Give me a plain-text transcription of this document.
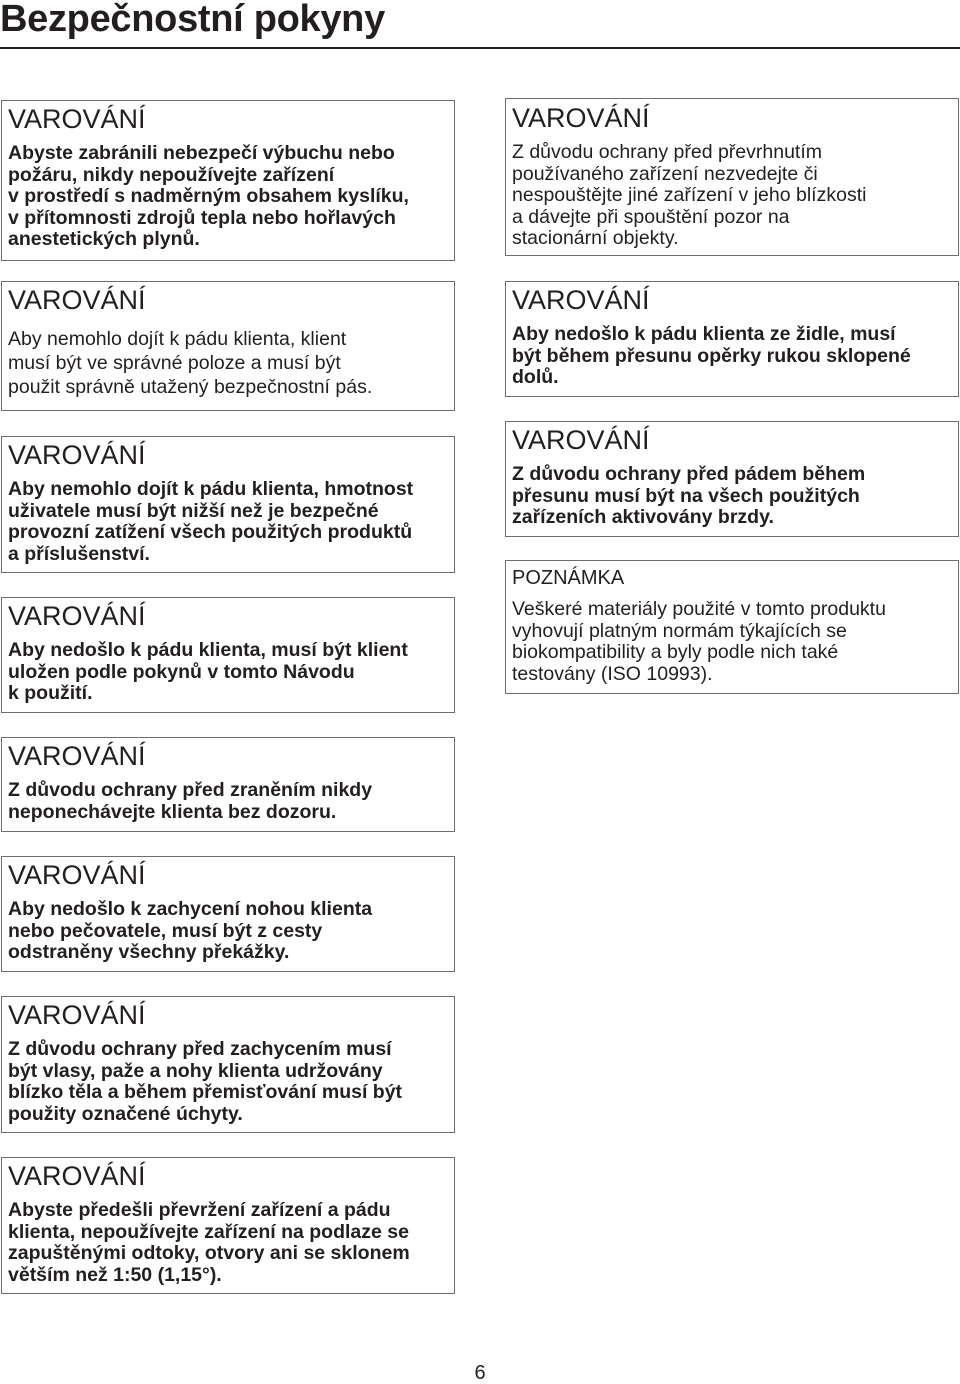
Bezpečnostní pokyny
VAROVÁNÍ

Abyste zabránili nebezpečí výbuchu nebo
požáru, nikdy nepoužívejte zařízení
v prostředí s nadměrným obsahem kyslíku,
v přítomnosti zdrojů tepla nebo hořlavých
anestetických plynů.

VAROVÁNÍ

Aby nemohlo dojít k pádu klienta, klient
musí být ve správné poloze a musí být
použit správně utažený bezpečnostní pás.

VAROVÁNÍ

Aby nemohlo dojít k pádu klienta, hmotnost
uživatele musí být nižší než je bezpečné
provozní zatížení všech použitých produktů
a příslušenství.

VAROVÁNÍ

Aby nedošlo k pádu klienta, musí být klient
uložen podle pokynů v tomto Návodu
k použití.

VAROVÁNÍ

Z důvodu ochrany před zraněním nikdy
neponechávejte klienta bez dozoru.

VAROVÁNÍ

Aby nedošlo k zachycení nohou klienta
nebo pečovatele, musí být z cesty
odstraněny všechny překážky.

VAROVÁNÍ

Z důvodu ochrany před zachycením musí
být vlasy, paže a nohy klienta udržovány
blízko těla a během přemisťování musí být
použity označené úchyty.

VAROVÁNÍ

Abyste předešli převržení zařízení a pádu
klienta, nepoužívejte zařízení na podlaze se
zapuštěnými odtoky, otvory ani se sklonem
větším než 1:50 (1,15°).

VAROVÁNÍ

Z důvodu ochrany před převrhnutím
používaného zařízení nezvedejte či
nespouštějte jiné zařízení v jeho blízkosti
a dávejte při spouštění pozor na
stacionární objekty.

VAROVÁNÍ

Aby nedošlo k pádu klienta ze židle, musí
být během přesunu opěrky rukou sklopené
dolů.

VAROVÁNÍ

Z důvodu ochrany před pádem během
přesunu musí být na všech použitých
zařízeních aktivovány brzdy.

POZNÁMKA

Veškeré materiály použité v tomto produktu
vyhovují platným normám týkajících se
biokompatibility a byly podle nich také
testovány (ISO 10993).

6
